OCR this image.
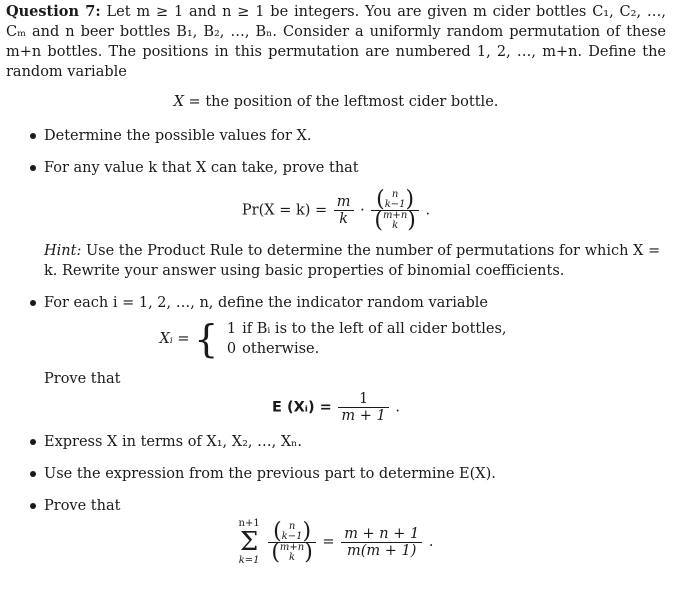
Question 7: Let m ≥ 1 and n ≥ 1 be integers. You are given m cider bottles C₁, C₂, …, Cₘ and n beer bottles B₁, B₂, …, Bₙ. Consider a uniformly random permutation of these m+n bottles. The positions in this permutation are numbered 1, 2, …, m+n. Define the random variable

X = the position of the leftmost cider bottle.

Determine the possible values for X.
For any value k that X can take, prove that
$Pr(X = k) = \frac{m}{k}$ · ( n
k−1 )
( m+n
k ) .

Hint: Use the Product Rule to determine the number of permutations for which X = k. Rewrite your answer using basic properties of binomial coefficients.

For each i = 1, 2, …, n, define the indicator random variable
Xᵢ = { 1	if Bᵢ is to the left of all cider bottles,
0	otherwise.

Prove that

E (Xᵢ) = $\frac{1}{m + 1}$ .
Express X in terms of X₁, X₂, …, Xₙ.
Use the expression from the previous part to determine E(X).
Prove that
n+1
Σ
k=1
( n
k−1 )
( m+n
k ) = $\frac{m + n + 1}{m(m + 1)}$ .
